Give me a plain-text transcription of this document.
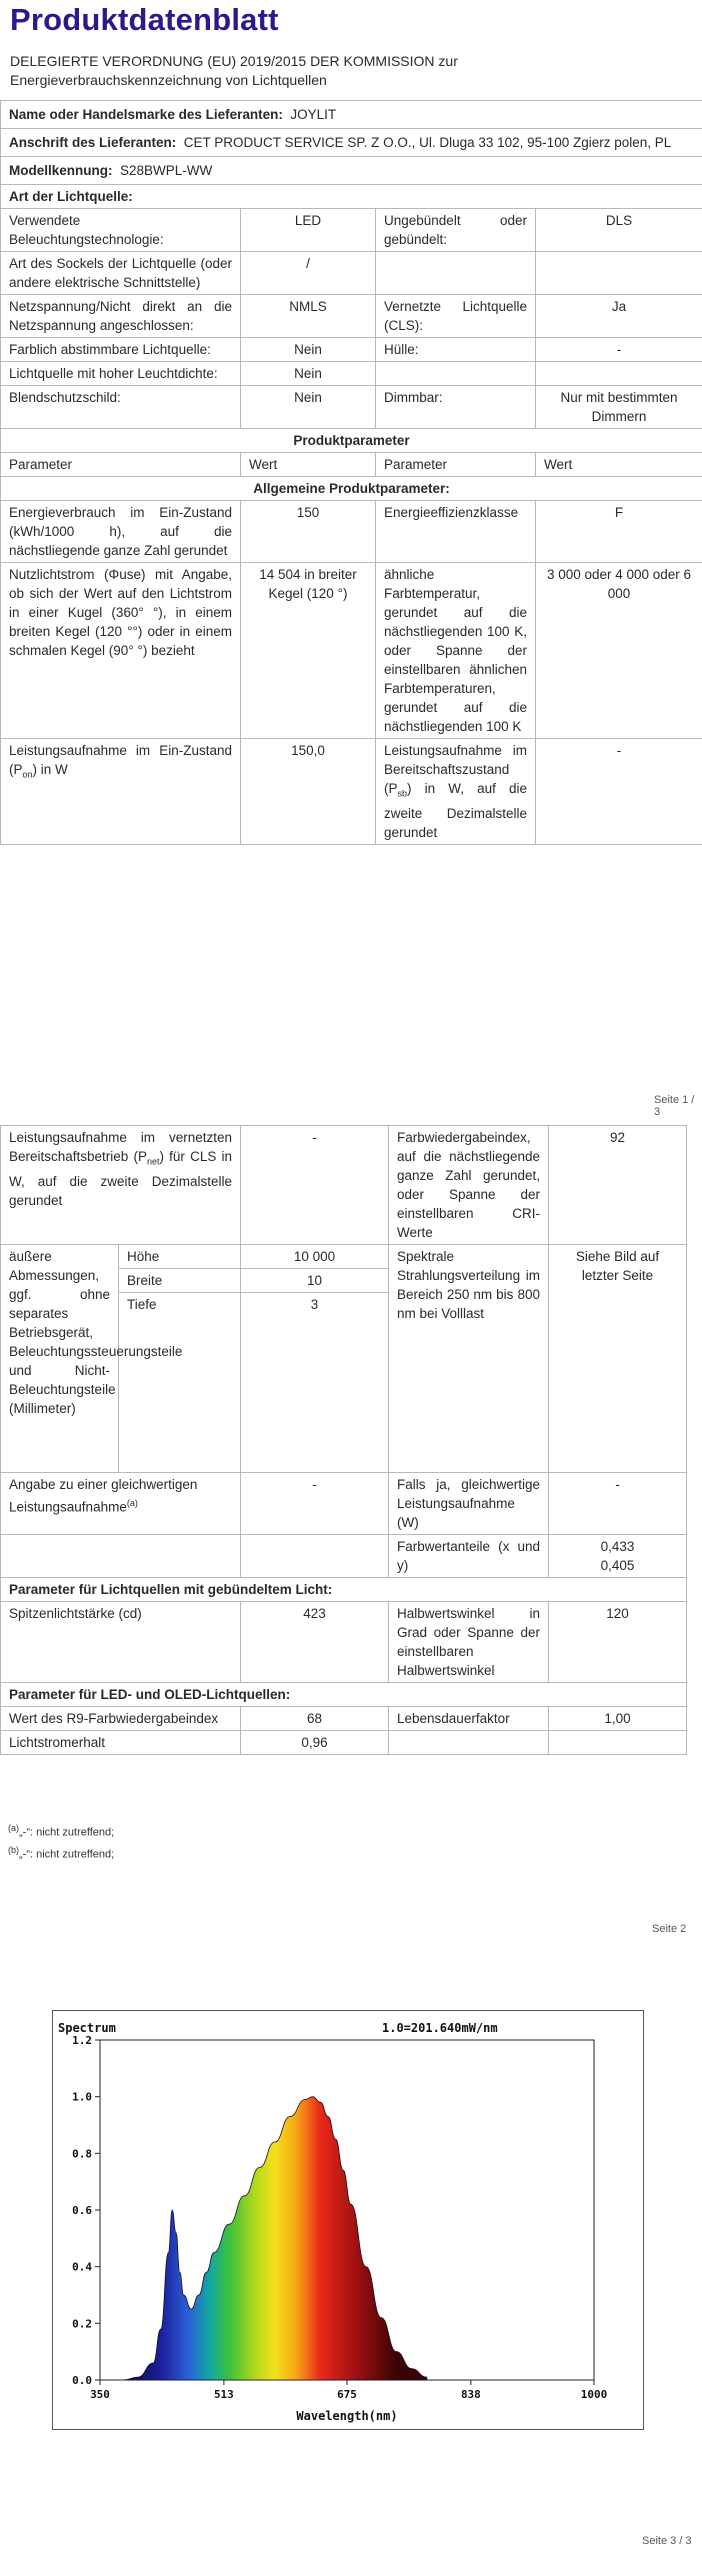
Produktdatenblatt
DELEGIERTE VERORDNUNG (EU) 2019/2015 DER KOMMISSION zur Energieverbrauchskennzeichnung von Lichtquellen
Name oder Handelsmarke des Lieferanten: JOYLIT			
Anschrift des Lieferanten: CET PRODUCT SERVICE SP. Z O.O., Ul. Dluga 33 102, 95-100 Zgierz polen, PL			
Modellkennung: S28BWPL-WW			
Art der Lichtquelle:			
Verwendete Beleuchtungstechnologie:	LED	Ungebündelt oder gebündelt:	DLS
Art des Sockels der Lichtquelle (oder andere elektrische Schnittstelle)	/		
Netzspannung/Nicht direkt an die Netzspannung angeschlossen:	NMLS	Vernetzte Lichtquelle (CLS):	Ja
Farblich abstimmbare Lichtquelle:	Nein	Hülle:	-
Lichtquelle mit hoher Leuchtdichte:	Nein		
Blendschutzschild:	Nein	Dimmbar:	Nur mit bestimmten Dimmern
Produktparameter			
Parameter	Wert	Parameter	Wert
Allgemeine Produktparameter:			
Energieverbrauch im Ein-Zustand (kWh/1000 h), auf die nächstliegende ganze Zahl gerundet	150	Energieeffizienzklasse	F
Nutzlichtstrom (Φuse) mit Angabe, ob sich der Wert auf den Lichtstrom in einer Kugel (360° °), in einem breiten Kegel (120 °°) oder in einem schmalen Kegel (90° °) bezieht	14 504 in breiter Kegel (120 °)	ähnliche Farbtemperatur, gerundet auf die nächstliegenden 100 K, oder Spanne der einstellbaren ähnlichen Farbtemperaturen, gerundet auf die nächstliegenden 100 K	3 000 oder 4 000 oder 6 000
Leistungsaufnahme im Ein-Zustand $(P_{on})$ in W	150,0	Leistungsaufnahme im Bereitschaftszustand $(P_{sb})$ in W, auf die zweite Dezimalstelle gerundet	-
Seite 1 / 3
Leistungsaufnahme im vernetzten Bereitschaftsbetrieb $(P_{net})$ für CLS in W, auf die zweite Dezimalstelle gerundet		-	Farbwiedergabeindex, auf die nächstliegende ganze Zahl gerundet, oder Spanne der einstellbaren CRI-Werte	92
äußere Abmessungen, ggf. ohne separates Betriebsgerät, Beleuchtungssteuerungsteile und Nicht-Beleuchtungsteile (Millimeter)	Höhe	10 000	Spektrale Strahlungsverteilung im Bereich 250 nm bis 800 nm bei Volllast	Siehe Bild auf letzter Seite
	Breite	10		
	Tiefe	3		
Angabe zu einer gleichwertigen Leistungsaufnahme$^{(a)}$		-	Falls ja, gleichwertige Leistungsaufnahme (W)	-
			Farbwertanteile (x und y)	0,433
0,405

Parameter für Lichtquellen mit gebündeltem Licht:				
Spitzenlichtstärke (cd)		423	Halbwertswinkel in Grad oder Spanne der einstellbaren Halbwertswinkel	120
Parameter für LED- und OLED-Lichtquellen:				
Wert des R9-Farbwiedergabeindex		68	Lebensdauerfaktor	1,00
Lichtstromerhalt		0,96		
$^{(a)}$„-“: nicht zutreffend;
$^{(b)}$„-“: nicht zutreffend;
Seite 2
Spectrum	1.0=201.640mW/nm
0.0
0.2
0.4
0.6
0.8
1.0
1.2
350	513	675	838	1000
Wavelength(nm)
Seite 3 / 3
